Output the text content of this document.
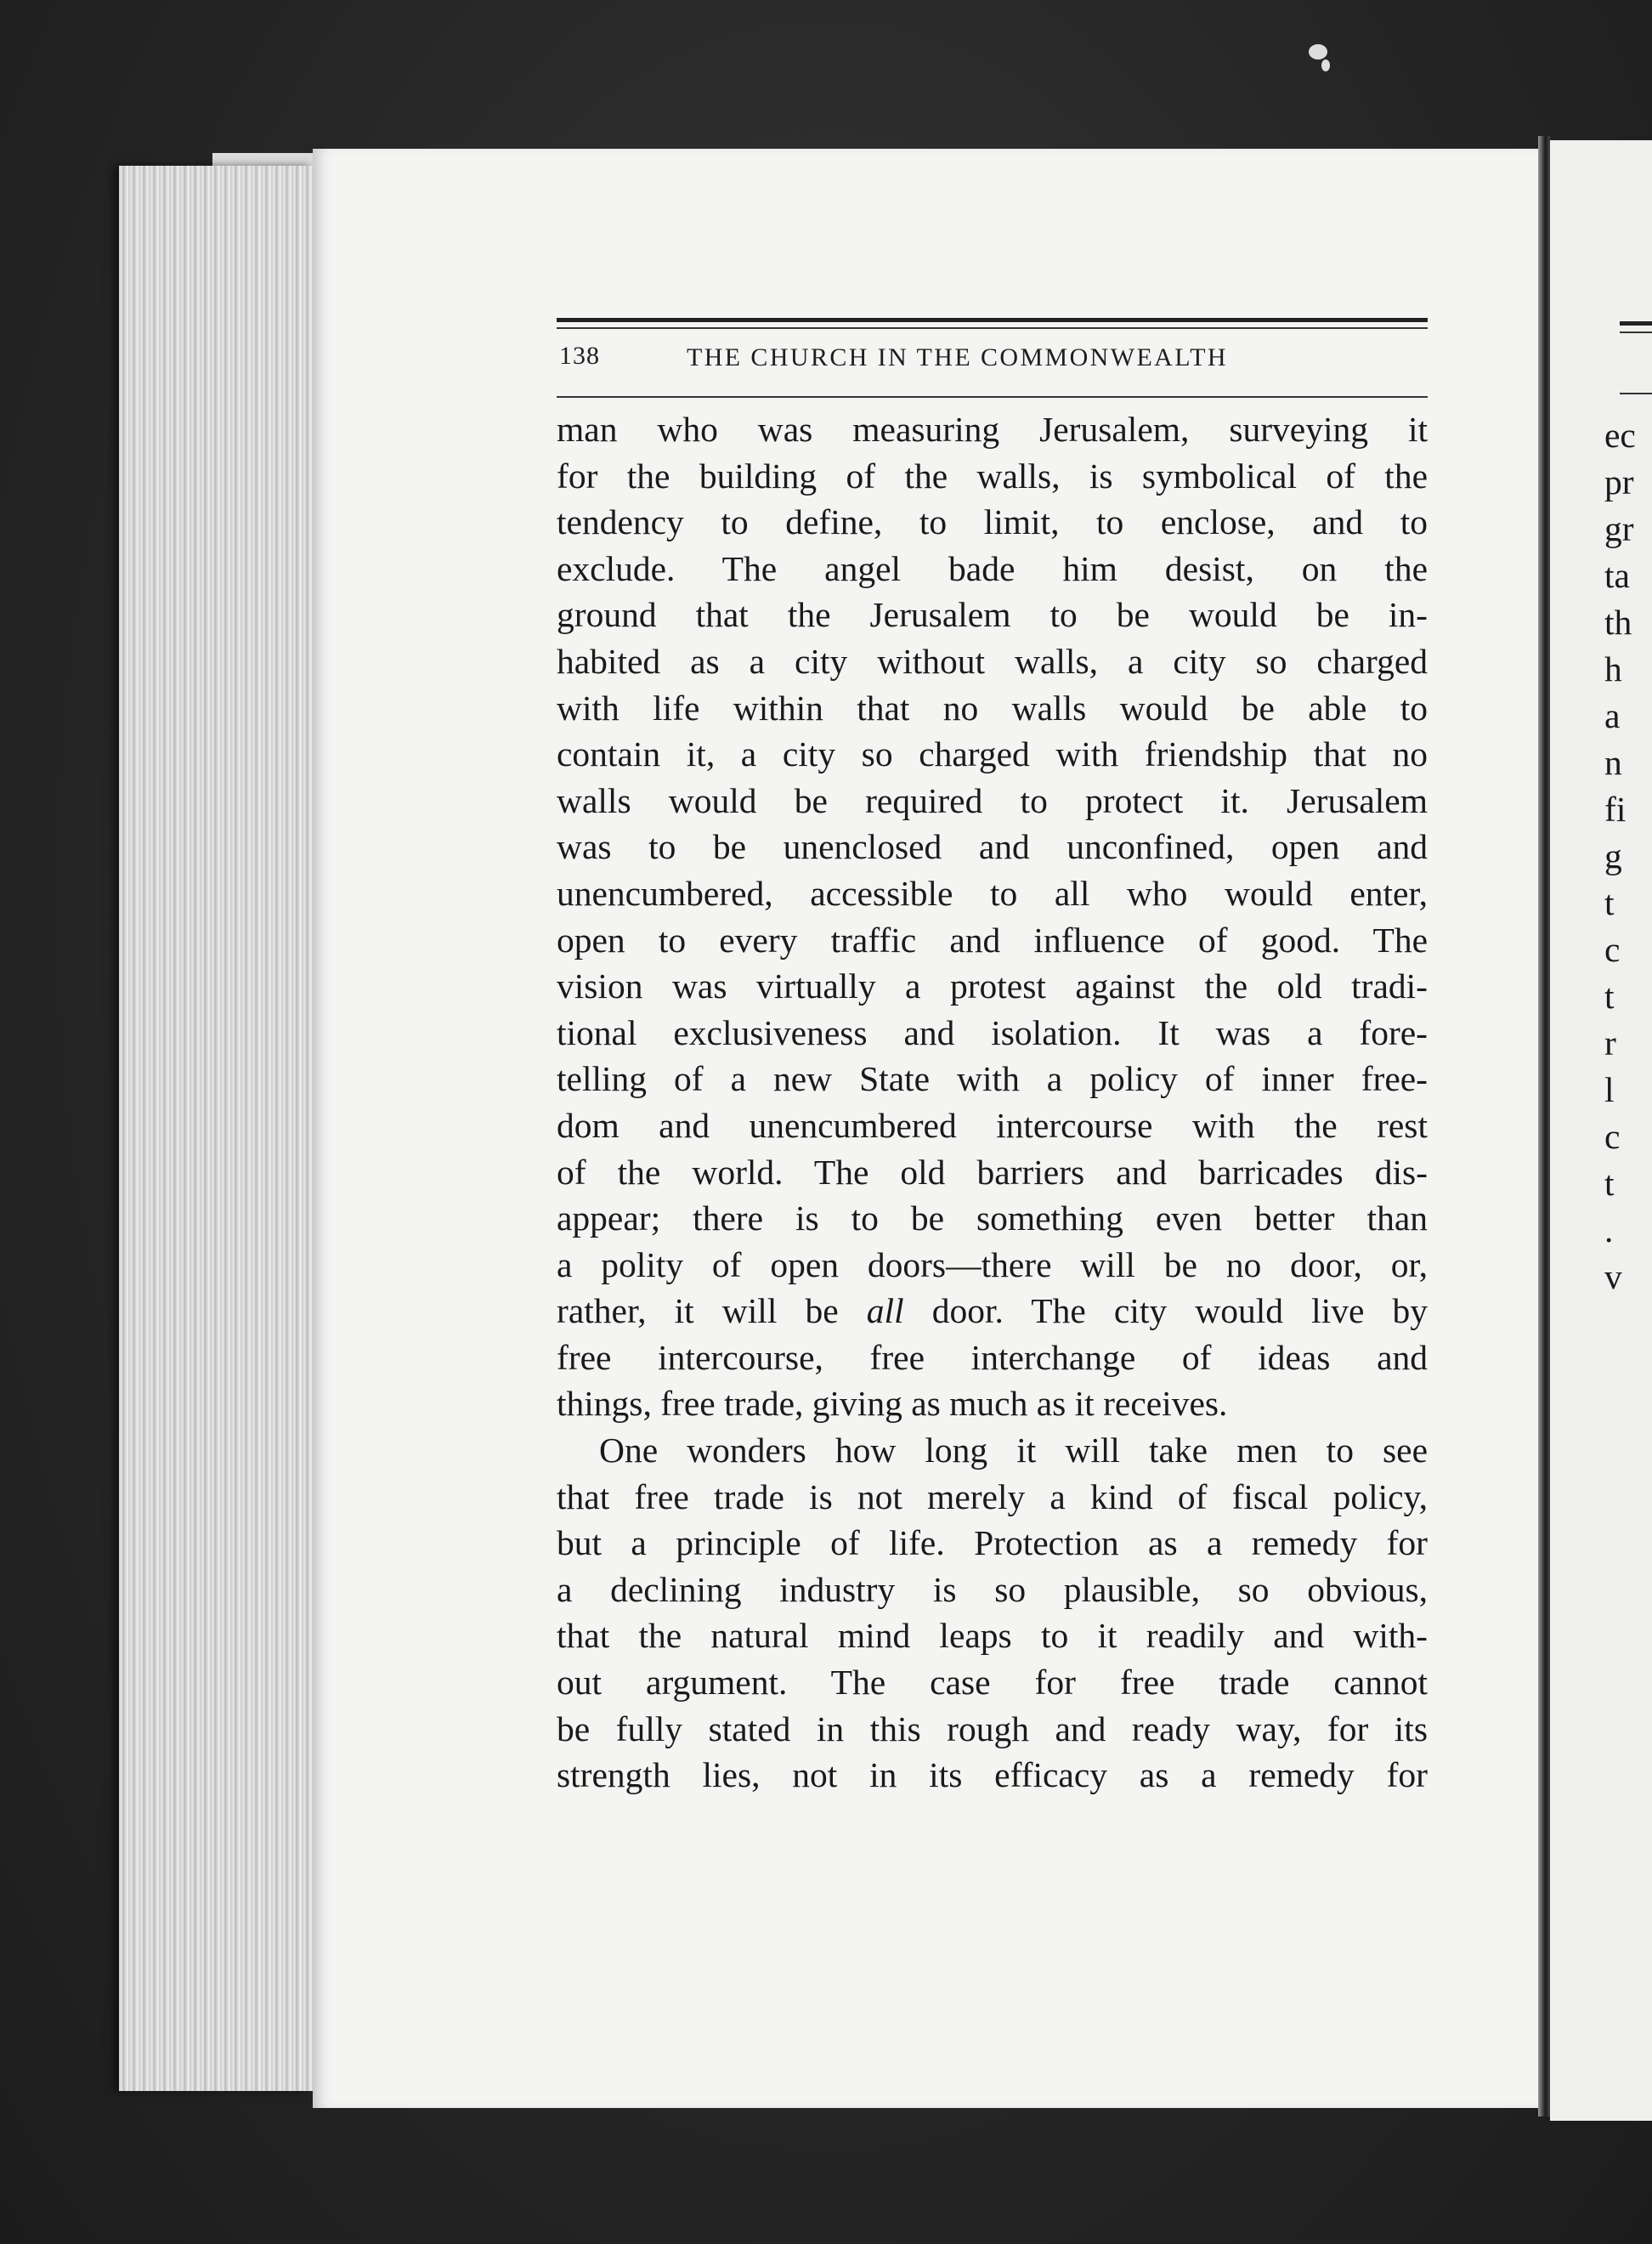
138	THE CHURCH IN THE COMMONWEALTH
man who was measuring Jerusalem, surveying it
for the building of the walls, is symbolical of the
tendency to define, to limit, to enclose, and to
exclude. The angel bade him desist, on the
ground that the Jerusalem to be would be in-
habited as a city without walls, a city so charged
with life within that no walls would be able to
contain it, a city so charged with friendship that no
walls would be required to protect it. Jerusalem
was to be unenclosed and unconfined, open and
unencumbered, accessible to all who would enter,
open to every traffic and influence of good. The
vision was virtually a protest against the old tradi-
tional exclusiveness and isolation. It was a fore-
telling of a new State with a policy of inner free-
dom and unencumbered intercourse with the rest
of the world. The old barriers and barricades dis-
appear; there is to be something even better than
a polity of open doors—there will be no door, or,
rather, it will be all door. The city would live by
free intercourse, free interchange of ideas and
things, free trade, giving as much as it receives.
One wonders how long it will take men to see
that free trade is not merely a kind of fiscal policy,
but a principle of life. Protection as a remedy for
a declining industry is so plausible, so obvious,
that the natural mind leaps to it readily and with-
out argument. The case for free trade cannot
be fully stated in this rough and ready way, for its
strength lies, not in its efficacy as a remedy for
ec
pr
gr
ta
th
h
a
n
fi
g
t
c
t
r
l
c
t
.
v
